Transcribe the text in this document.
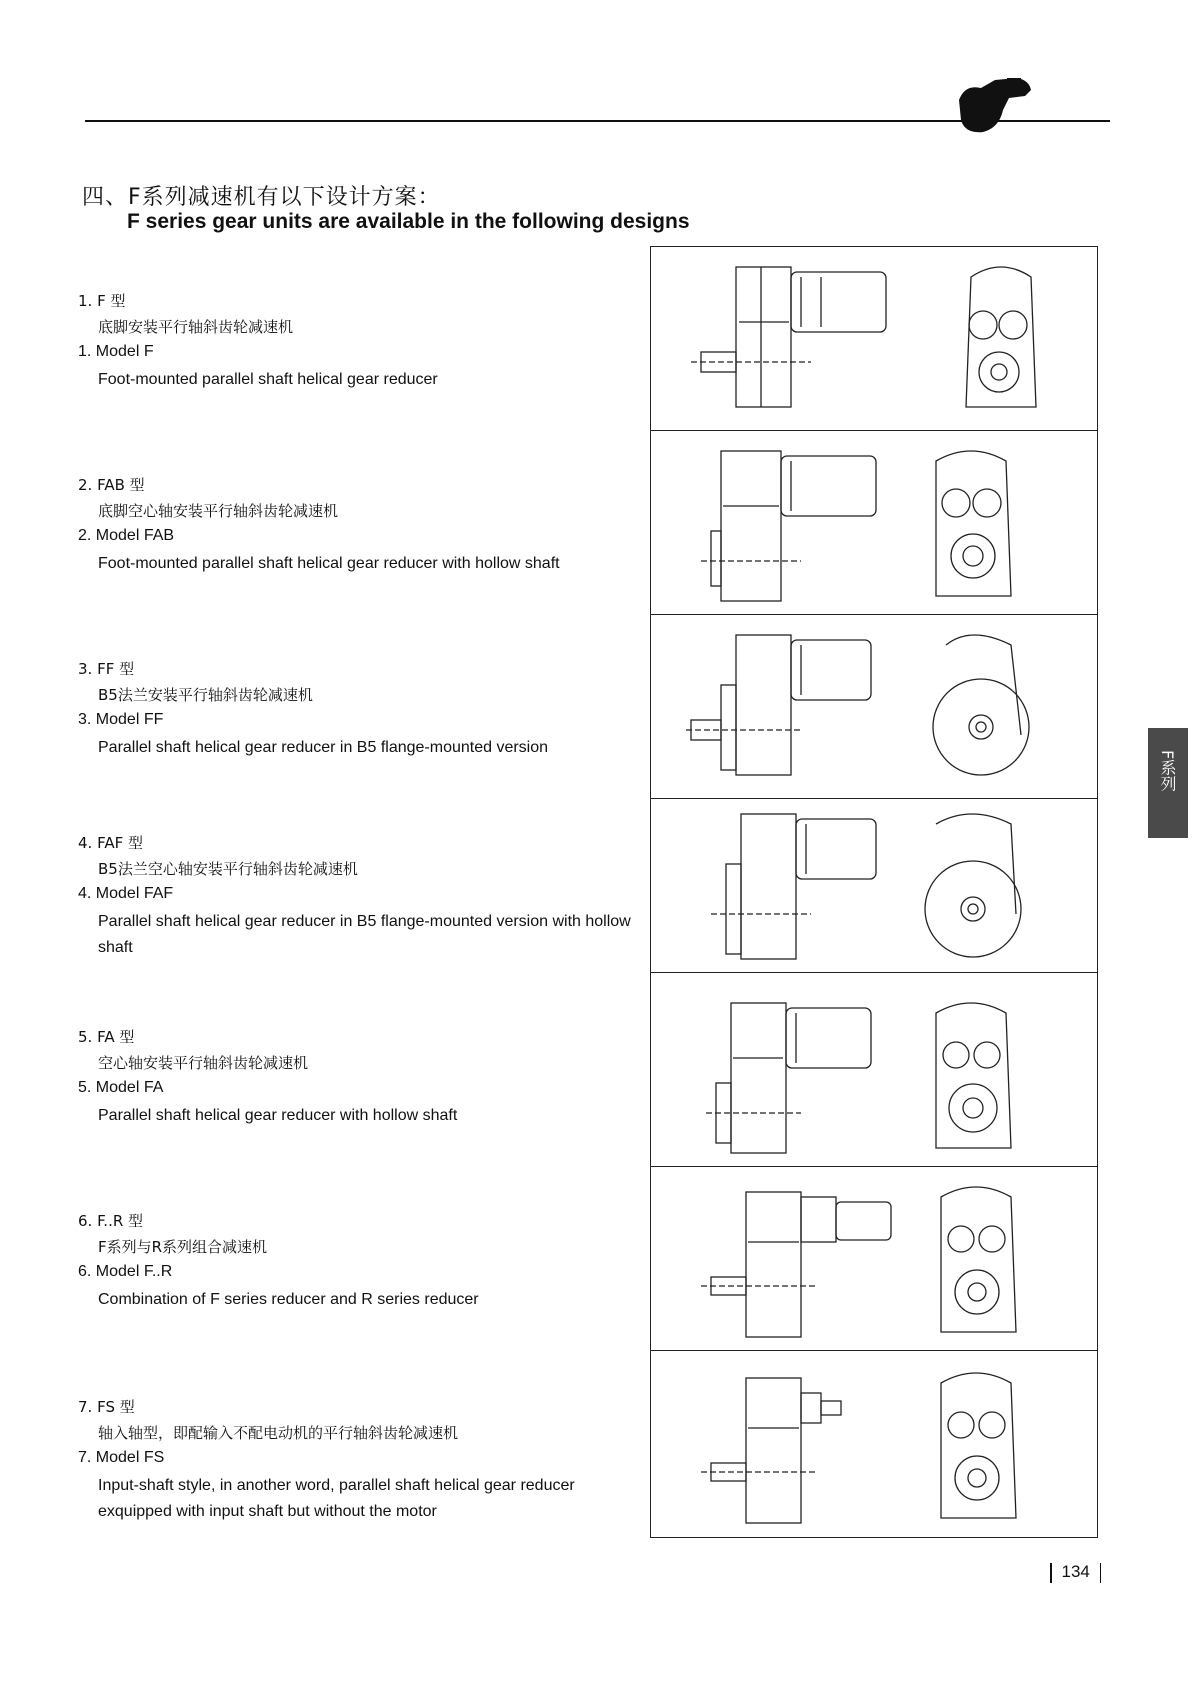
四、F系列减速机有以下设计方案：
F series gear units are available in the following designs
1. F 型
底脚安装平行轴斜齿轮减速机
1. Model F
Foot-mounted parallel shaft helical gear reducer
2. FAB 型
底脚空心轴安装平行轴斜齿轮减速机
2. Model FAB
Foot-mounted parallel shaft helical gear reducer with hollow shaft
3. FF 型
B5法兰安装平行轴斜齿轮减速机
3. Model FF
Parallel shaft helical gear reducer in B5 flange-mounted version
4. FAF 型
B5法兰空心轴安装平行轴斜齿轮减速机
4. Model FAF
Parallel shaft helical gear reducer in B5 flange-mounted version with hollow shaft
5. FA 型
空心轴安装平行轴斜齿轮减速机
5. Model FA
Parallel shaft helical gear reducer with hollow shaft
6. F..R 型
F系列与R系列组合减速机
6. Model F..R
Combination of F series reducer and R series reducer
7. FS 型
轴入轴型，即配输入不配电动机的平行轴斜齿轮减速机
7. Model FS
Input-shaft style, in another word, parallel shaft helical gear reducer exquipped with input shaft but without the motor
F系列
134
